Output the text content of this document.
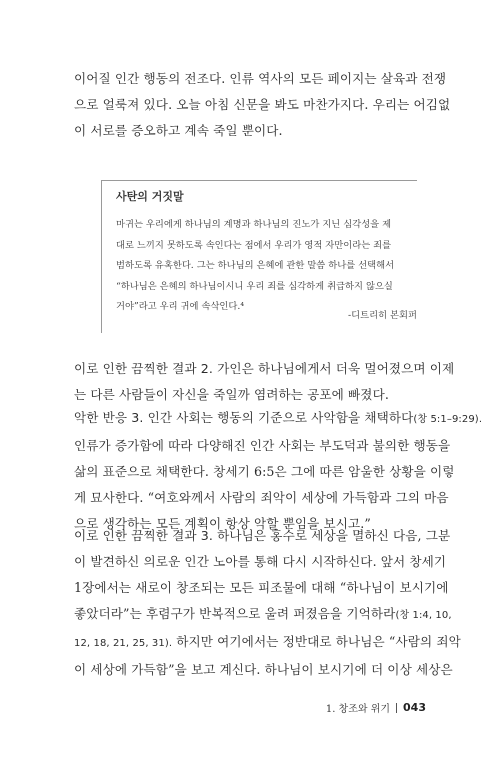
이어질 인간 행동의 전조다. 인류 역사의 모든 페이지는 살육과 전쟁
으로 얼룩져 있다. 오늘 아침 신문을 봐도 마찬가지다. 우리는 어김없
이 서로를 증오하고 계속 죽일 뿐이다.
사탄의 거짓말
마귀는 우리에게 하나님의 계명과 하나님의 진노가 지닌 심각성을 제
대로 느끼지 못하도록 속인다는 점에서 우리가 영적 자만이라는 죄를
범하도록 유혹한다. 그는 하나님의 은혜에 관한 말씀 하나를 선택해서
“하나님은 은혜의 하나님이시니 우리 죄를 심각하게 취급하지 않으실
거야”라고 우리 귀에 속삭인다.⁴
-디트리히 본회퍼
이로 인한 끔찍한 결과 2. 가인은 하나님에게서 더욱 멀어졌으며 이제
는 다른 사람들이 자신을 죽일까 염려하는 공포에 빠졌다.
악한 반응 3. 인간 사회는 행동의 기준으로 사악함을 채택하다(창 5:1–9:29).
인류가 증가함에 따라 다양해진 인간 사회는 부도덕과 불의한 행동을
삶의 표준으로 채택한다. 창세기 6:5은 그에 따른 암울한 상황을 이렇
게 묘사한다. “여호와께서 사람의 죄악이 세상에 가득함과 그의 마음
으로 생각하는 모든 계획이 항상 악할 뿐임을 보시고.”
이로 인한 끔찍한 결과 3. 하나님은 홍수로 세상을 멸하신 다음, 그분
이 발견하신 의로운 인간 노아를 통해 다시 시작하신다. 앞서 창세기
1장에서는 새로이 창조되는 모든 피조물에 대해 “하나님이 보시기에
좋았더라”는 후렴구가 반복적으로 울려 퍼졌음을 기억하라(창 1:4, 10,
12, 18, 21, 25, 31). 하지만 여기에서는 정반대로 하나님은 “사람의 죄악
이 세상에 가득함”을 보고 계신다. 하나님이 보시기에 더 이상 세상은
1. 창조와 위기 043
